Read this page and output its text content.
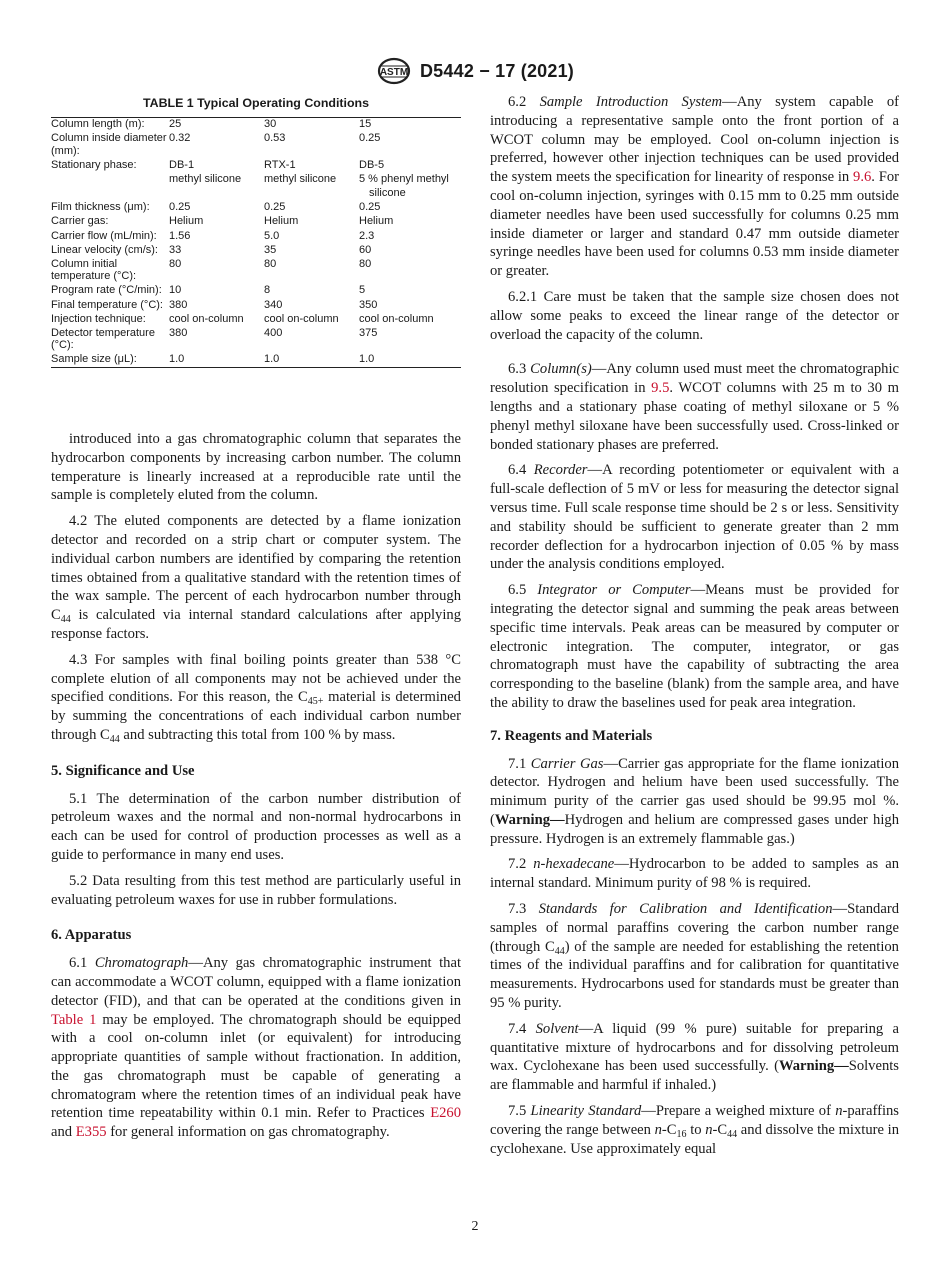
ASTM D5442 − 17 (2021)
TABLE 1 Typical Operating Conditions
Column length (m):	25	30	15
Column inside diameter (mm):	0.32	0.53	0.25
Stationary phase:	DB-1	RTX-1	DB-5
	methyl silicone	methyl silicone	5 % phenyl methyl
			silicone
Film thickness (μm):	0.25	0.25	0.25
Carrier gas:	Helium	Helium	Helium
Carrier flow (mL/min):	1.56	5.0	2.3
Linear velocity (cm/s):	33	35	60
Column initial temperature (°C):	80	80	80
Program rate (°C/min):	10	8	5
Final temperature (°C):	380	340	350
Injection technique:	cool on-column	cool on-column	cool on-column
Detector temperature (°C):	380	400	375
Sample size (μL):	1.0	1.0	1.0

introduced into a gas chromatographic column that separates the hydrocarbon components by increasing carbon number. The column temperature is linearly increased at a reproducible rate until the sample is completely eluted from the column.

4.2 The eluted components are detected by a flame ionization detector and recorded on a strip chart or computer system. The individual carbon numbers are identified by comparing the retention times obtained from a qualitative standard with the retention times of the wax sample. The percent of each hydrocarbon number through $C_{44}$ is calculated via internal standard calculations after applying response factors.

4.3 For samples with final boiling points greater than 538 °C complete elution of all components may not be achieved under the specified conditions. For this reason, the $C_{45+}$ material is determined by summing the concentrations of each individual carbon number through $C_{44}$ and subtracting this total from 100 % by mass.

5. Significance and Use

5.1 The determination of the carbon number distribution of petroleum waxes and the normal and non-normal hydrocarbons in each can be used for control of production processes as well as a guide to performance in many end uses.

5.2 Data resulting from this test method are particularly useful in evaluating petroleum waxes for use in rubber formulations.

6. Apparatus

6.1 Chromatograph—Any gas chromatographic instrument that can accommodate a WCOT column, equipped with a flame ionization detector (FID), and that can be operated at the conditions given in Table 1 may be employed. The chromatograph should be equipped with a cool on-column inlet (or equivalent) for introducing appropriate quantities of sample without fractionation. In addition, the gas chromatograph must be capable of generating a chromatogram where the retention times of an individual peak have retention time repeatability within 0.1 min. Refer to Practices E260 and E355 for general information on gas chromatography.

6.2 Sample Introduction System—Any system capable of introducing a representative sample onto the front portion of a WCOT column may be employed. Cool on-column injection is preferred, however other injection techniques can be used provided the system meets the specification for linearity of response in 9.6. For cool on-column injection, syringes with 0.15 mm to 0.25 mm outside diameter needles have been used successfully for columns 0.25 mm inside diameter or larger and standard 0.47 mm outside diameter syringe needles have been used for columns 0.53 mm inside diameter or greater.

6.2.1 Care must be taken that the sample size chosen does not allow some peaks to exceed the linear range of the detector or overload the capacity of the column.

6.3 Column(s)—Any column used must meet the chromatographic resolution specification in 9.5. WCOT columns with 25 m to 30 m lengths and a stationary phase coating of methyl siloxane or 5 % phenyl methyl siloxane have been successfully used. Cross-linked or bonded stationary phases are preferred.

6.4 Recorder—A recording potentiometer or equivalent with a full-scale deflection of 5 mV or less for measuring the detector signal versus time. Full scale response time should be 2 s or less. Sensitivity and stability should be sufficient to generate greater than 2 mm recorder deflection for a hydrocarbon injection of 0.05 % by mass under the analysis conditions employed.

6.5 Integrator or Computer—Means must be provided for integrating the detector signal and summing the peak areas between specific time intervals. Peak areas can be measured by computer or electronic integration. The computer, integrator, or gas chromatograph must have the capability of subtracting the area corresponding to the baseline (blank) from the sample area, and have the ability to draw the baselines used for peak area integration.

7. Reagents and Materials

7.1 Carrier Gas—Carrier gas appropriate for the flame ionization detector. Hydrogen and helium have been used successfully. The minimum purity of the carrier gas used should be 99.95 mol %. (Warning—Hydrogen and helium are compressed gases under high pressure. Hydrogen is an extremely flammable gas.)

7.2 n-hexadecane—Hydrocarbon to be added to samples as an internal standard. Minimum purity of 98 % is required.

7.3 Standards for Calibration and Identification—Standard samples of normal paraffins covering the carbon number range (through $C_{44}$) of the sample are needed for establishing the retention times of the individual paraffins and for calibration for quantitative measurements. Hydrocarbons used for standards must be greater than 95 % purity.

7.4 Solvent—A liquid (99 % pure) suitable for preparing a quantitative mixture of hydrocarbons and for dissolving petroleum wax. Cyclohexane has been used successfully. (Warning—Solvents are flammable and harmful if inhaled.)

7.5 Linearity Standard—Prepare a weighed mixture of n-paraffins covering the range between $n-C_{16}$ to $n-C_{44}$ and dissolve the mixture in cyclohexane. Use approximately equal

2
